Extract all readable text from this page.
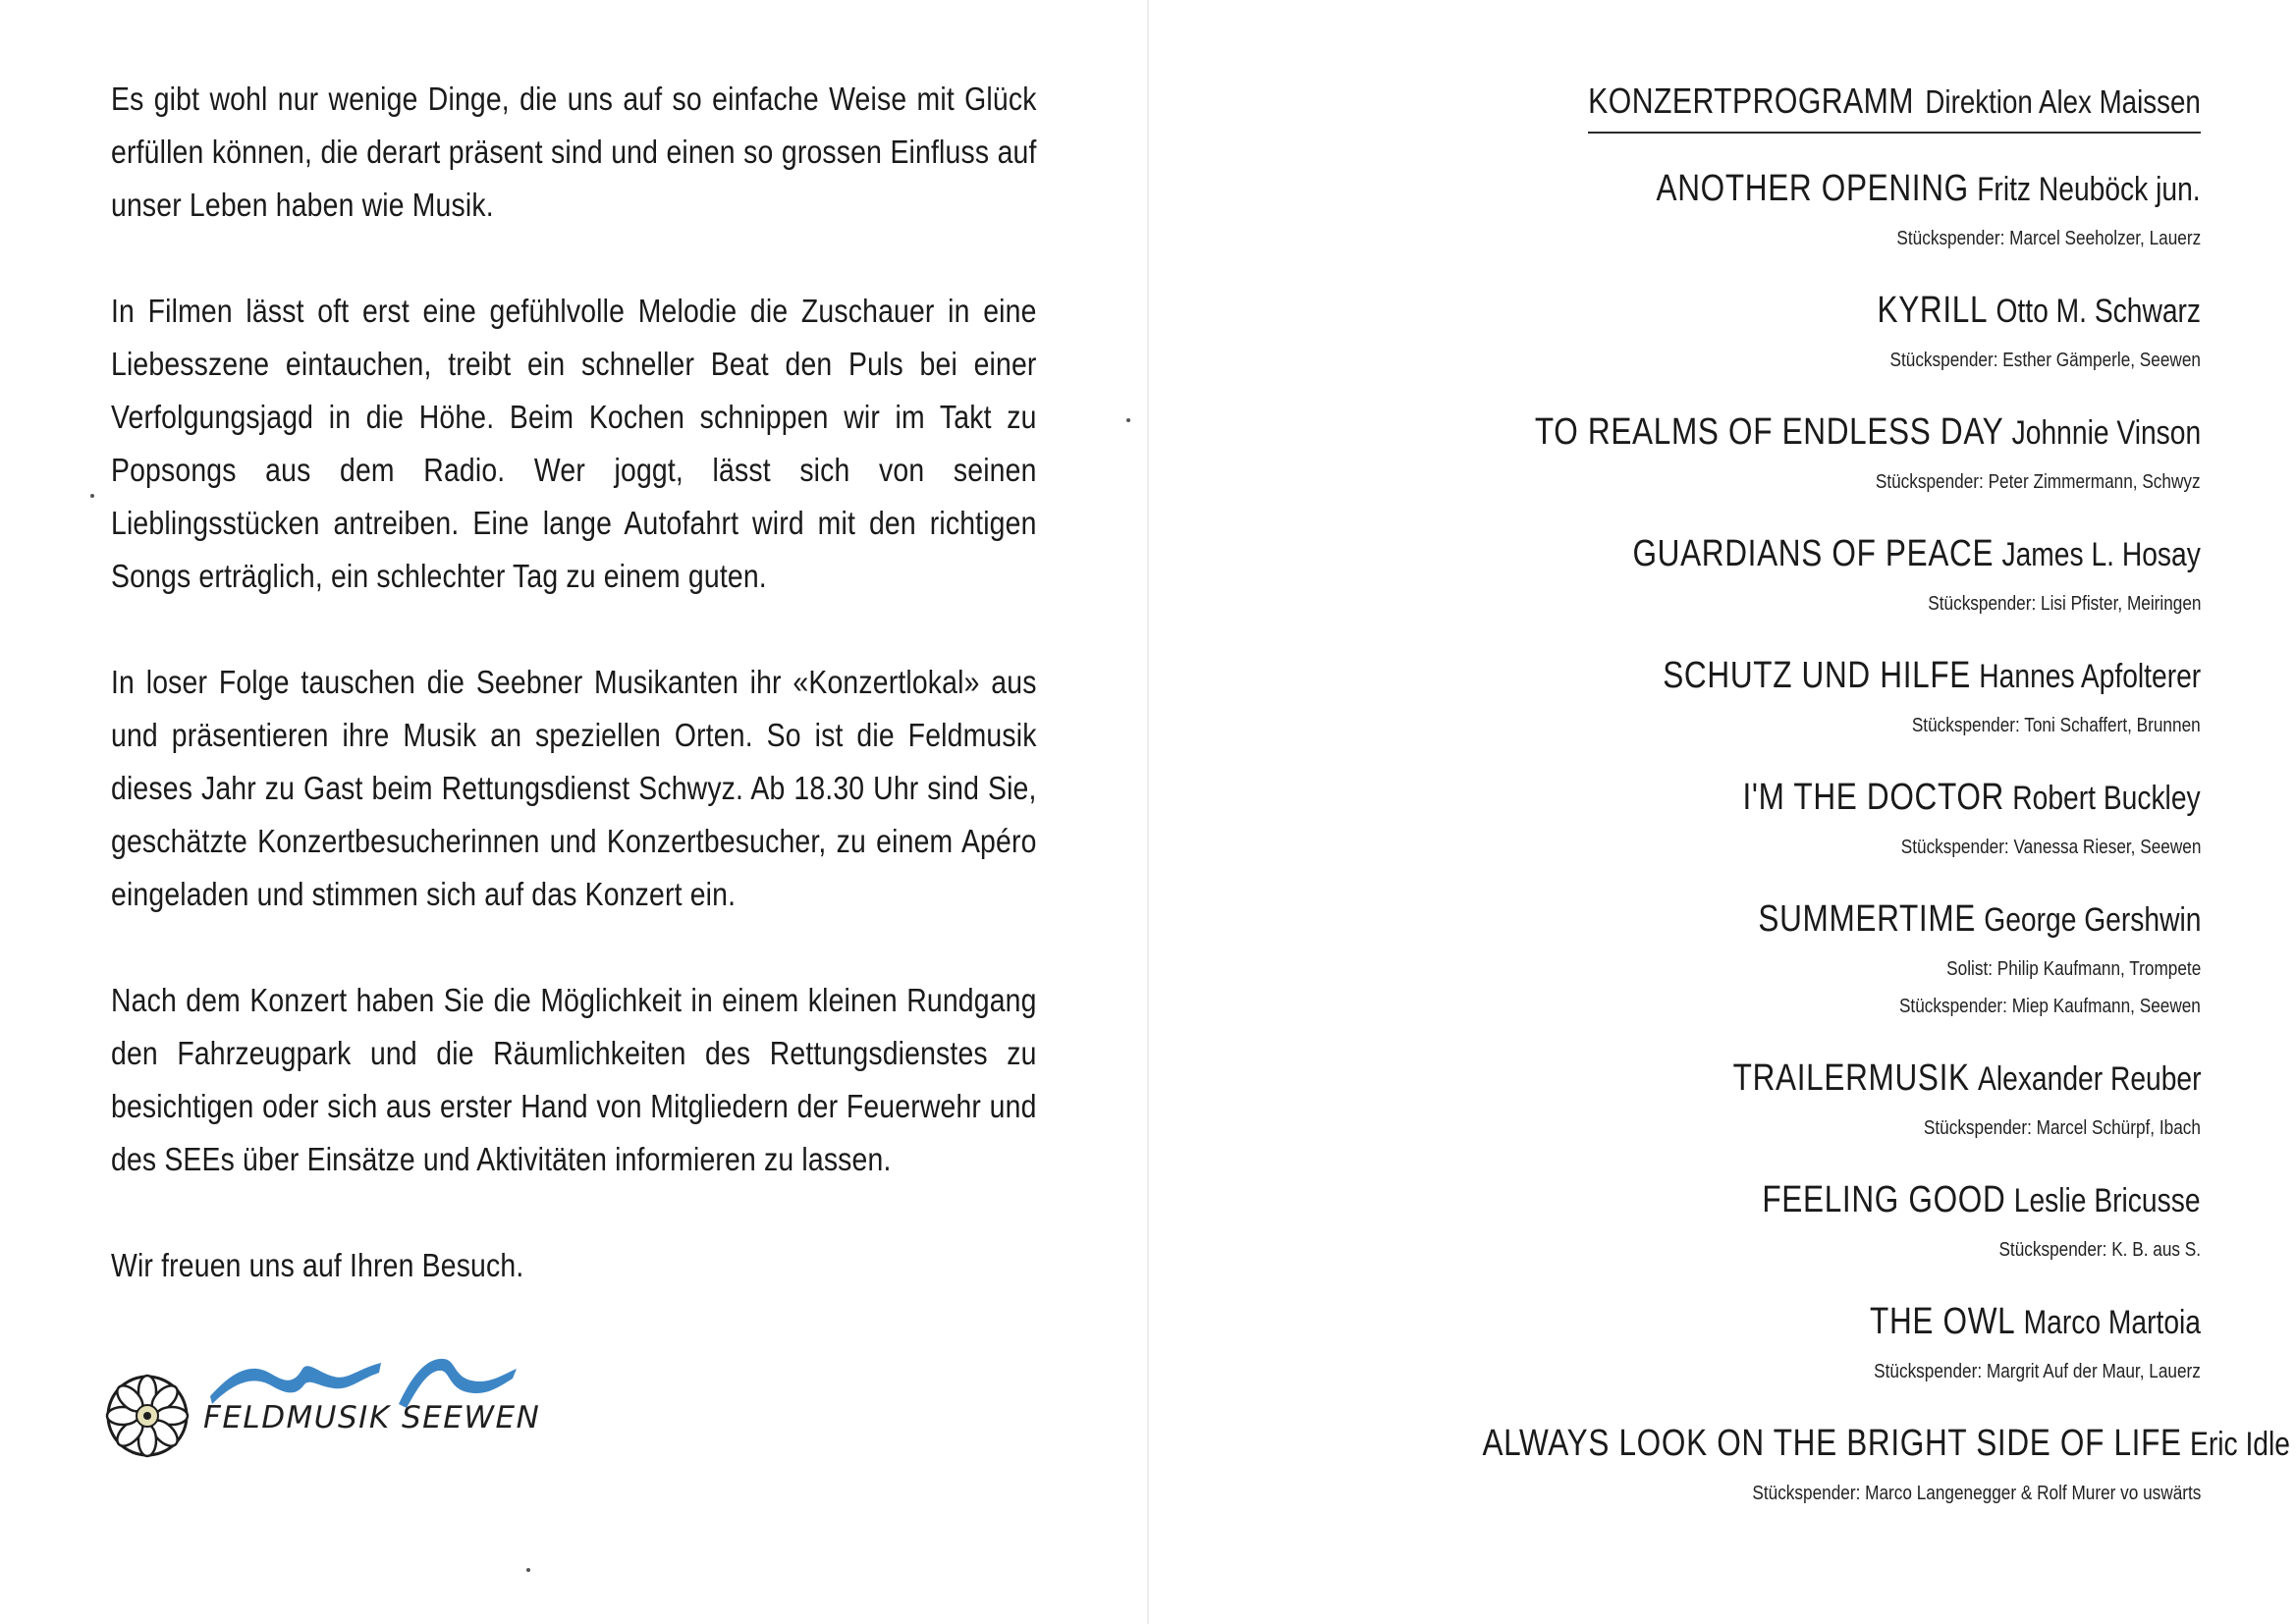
Es gibt wohl nur wenige Dinge, die uns auf so einfache Weise mit Glück erfüllen können, die derart präsent sind und einen so grossen Einfluss auf unser Leben haben wie Musik.

In Filmen lässt oft erst eine gefühlvolle Melodie die Zuschauer in eine Liebesszene eintauchen, treibt ein schneller Beat den Puls bei einer Verfolgungsjagd in die Höhe. Beim Kochen schnippen wir im Takt zu Popsongs aus dem Radio. Wer joggt, lässt sich von seinen Lieblingsstücken antreiben. Eine lange Autofahrt wird mit den richtigen Songs erträglich, ein schlechter Tag zu einem guten.

In loser Folge tauschen die Seebner Musikanten ihr «Konzertlokal» aus und präsentieren ihre Musik an speziellen Orten. So ist die Feldmusik dieses Jahr zu Gast beim Rettungsdienst Schwyz. Ab 18.30 Uhr sind Sie, geschätzte Konzertbesucherinnen und Konzertbesucher, zu einem Apéro eingeladen und stimmen sich auf das Konzert ein.

Nach dem Konzert haben Sie die Möglichkeit in einem kleinen Rundgang den Fahrzeugpark und die Räumlichkeiten des Rettungsdienstes zu besichtigen oder sich aus erster Hand von Mitgliedern der Feuerwehr und des SEEs über Einsätze und Aktivitäten informieren zu lassen.

Wir freuen uns auf Ihren Besuch.

FELDMUSIK SEEWEN
KONZERTPROGRAMM Direktion Alex Maissen
ANOTHER OPENING Fritz Neuböck jun.
Stückspender: Marcel Seeholzer, Lauerz
KYRILL Otto M. Schwarz
Stückspender: Esther Gämperle, Seewen
TO REALMS OF ENDLESS DAY Johnnie Vinson
Stückspender: Peter Zimmermann, Schwyz
GUARDIANS OF PEACE James L. Hosay
Stückspender: Lisi Pfister, Meiringen
SCHUTZ UND HILFE Hannes Apfolterer
Stückspender: Toni Schaffert, Brunnen
I'M THE DOCTOR Robert Buckley
Stückspender: Vanessa Rieser, Seewen
SUMMERTIME George Gershwin
Solist: Philip Kaufmann, Trompete
Stückspender: Miep Kaufmann, Seewen
TRAILERMUSIK Alexander Reuber
Stückspender: Marcel Schürpf, Ibach
FEELING GOOD Leslie Bricusse
Stückspender: K. B. aus S.
THE OWL Marco Martoia
Stückspender: Margrit Auf der Maur, Lauerz
ALWAYS LOOK ON THE BRIGHT SIDE OF LIFE Eric Idle
Stückspender: Marco Langenegger & Rolf Murer vo uswärts
